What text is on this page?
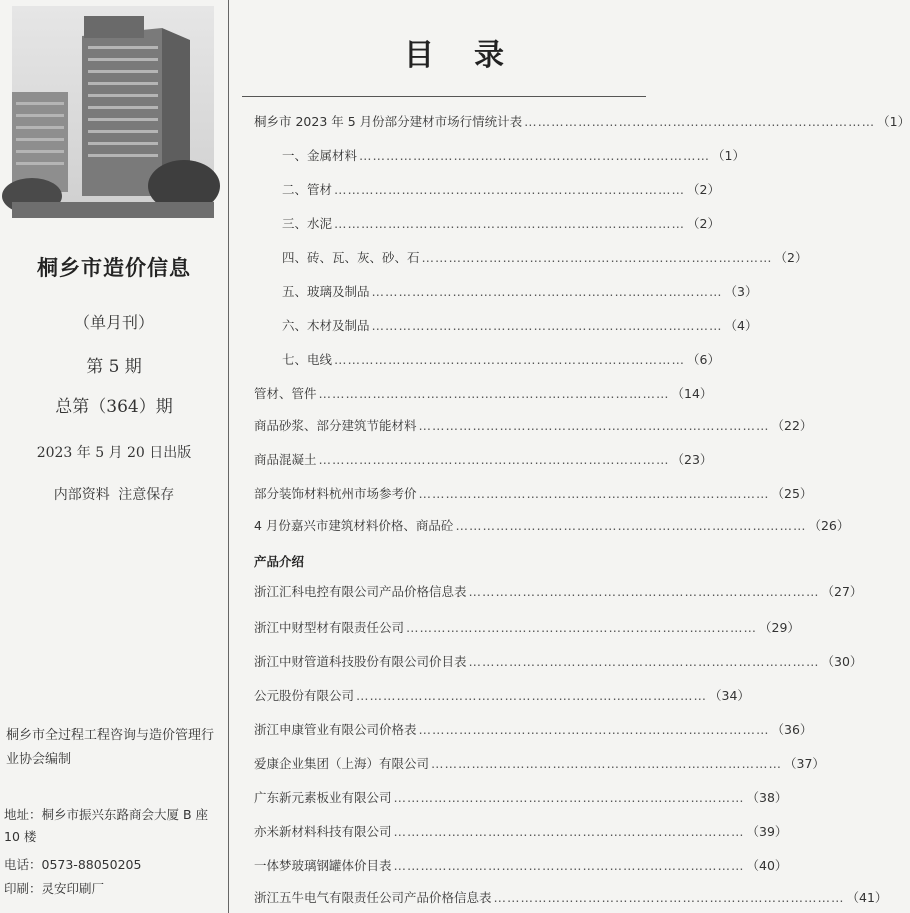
桐乡市造价信息
（单月刊）
第 5 期
总第（364）期
2023 年 5 月 20 日出版
内部资料 注意保存
桐乡市全过程工程咨询与造价管理行业协会编制
地址： 桐乡市振兴东路商会大厦 B 座 10 楼
电话：0573-88050205
印刷：灵安印刷厂
目录
桐乡市 2023 年 5 月份部分建材市场行情统计表 …………………………………………………………………… （1）
一、金属材料 …………………………………………………………………… （1）
二、管材 …………………………………………………………………… （2）
三、水泥 …………………………………………………………………… （2）
四、砖、瓦、灰、砂、石 …………………………………………………………………… （2）
五、玻璃及制品 …………………………………………………………………… （3）
六、木材及制品 …………………………………………………………………… （4）
七、电线 …………………………………………………………………… （6）
管材、管件 …………………………………………………………………… （14）
商品砂浆、部分建筑节能材料 …………………………………………………………………… （22）
商品混凝土 …………………………………………………………………… （23）
部分装饰材料杭州市场参考价 …………………………………………………………………… （25）
4 月份嘉兴市建筑材料价格、商品砼 …………………………………………………………………… （26）
产品介绍
浙江汇科电控有限公司产品价格信息表 …………………………………………………………………… （27）
浙江中财型材有限责任公司 …………………………………………………………………… （29）
浙江中财管道科技股份有限公司价目表 …………………………………………………………………… （30）
公元股份有限公司 …………………………………………………………………… （34）
浙江申康管业有限公司价格表 …………………………………………………………………… （36）
爱康企业集团（上海）有限公司 …………………………………………………………………… （37）
广东新元素板业有限公司 …………………………………………………………………… （38）
亦米新材料科技有限公司 …………………………………………………………………… （39）
一体梦玻璃钢罐体价目表 …………………………………………………………………… （40）
浙江五牛电气有限责任公司产品价格信息表 …………………………………………………………………… （41）
